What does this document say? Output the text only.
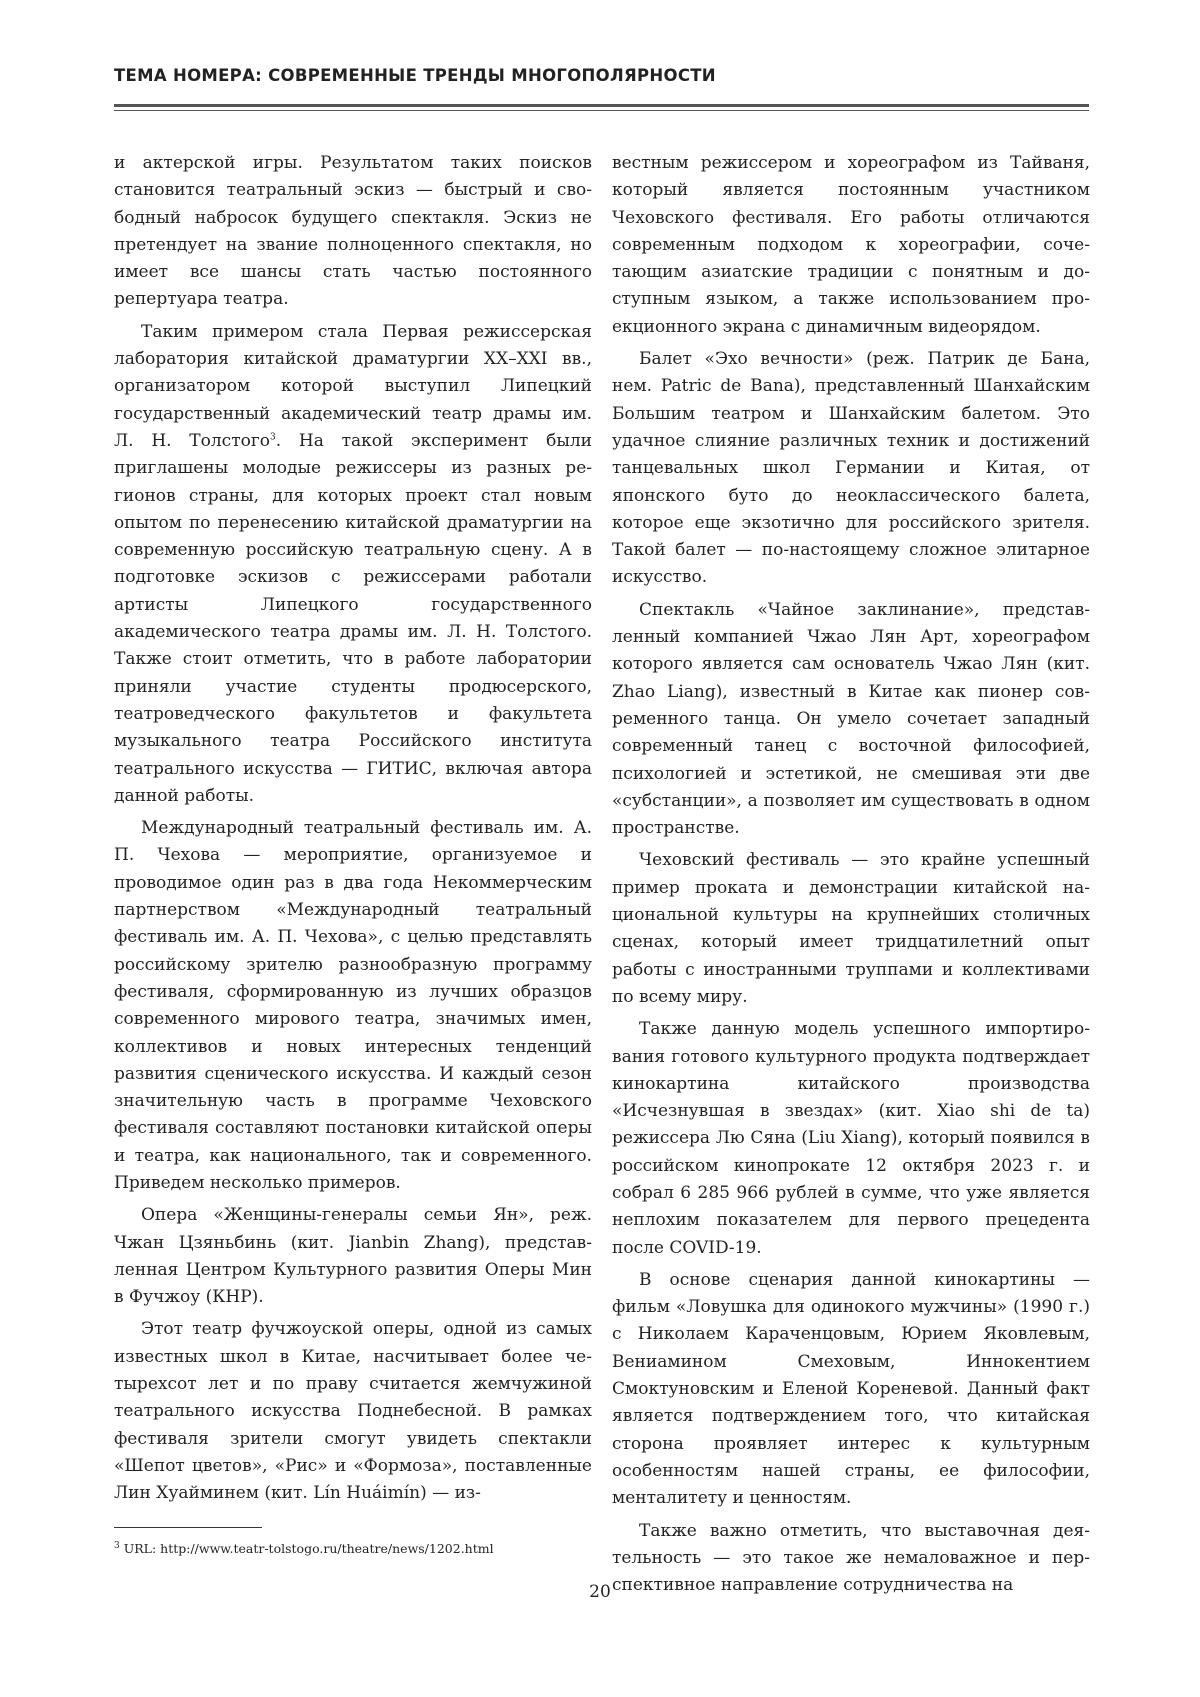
ТЕМА НОМЕРА: СОВРЕМЕННЫЕ ТРЕНДЫ МНОГОПОЛЯРНОСТИ

и актерской игры. Результатом таких поисков становится театральный эскиз — быстрый и свободный набросок будущего спектакля. Эскиз не претендует на звание полноценного спектакля, но имеет все шансы стать частью постоянного репертуара театра.

Таким примером стала Первая режиссерская лаборатория китайской драматургии XX–XXI вв., организатором которой выступил Липецкий государственный академический театр драмы им. Л. Н. Толстого$^3$. На такой эксперимент были приглашены молодые режиссеры из разных регионов страны, для которых проект стал новым опытом по перенесению китайской драматургии на современную российскую театральную сцену. А в подготовке эскизов с режиссерами работали артисты Липецкого государственного академического театра драмы им. Л. Н. Толстого. Также стоит отметить, что в работе лаборатории приняли участие студенты продюсерского, театроведческого факультетов и факультета музыкального театра Российского института театрального искусства — ГИТИС, включая автора данной работы.

Международный театральный фестиваль им. А. П. Чехова — мероприятие, организуемое и проводимое один раз в два года Некоммерческим партнерством «Международный театральный фестиваль им. А. П. Чехова», с целью представлять российскому зрителю разнообразную программу фестиваля, сформированную из лучших образцов современного мирового театра, значимых имен, коллективов и новых интересных тенденций развития сценического искусства. И каждый сезон значительную часть в программе Чеховского фестиваля составляют постановки китайской оперы и театра, как национального, так и современного. Приведем несколько примеров.

Опера «Женщины-генералы семьи Ян», реж. Чжан Цзяньбинь (кит. Jianbin Zhang), представленная Центром Культурного развития Оперы Мин в Фучжоу (КНР).

Этот театр фучжоуской оперы, одной из самых известных школ в Китае, насчитывает более четырехсот лет и по праву считается жемчужиной театрального искусства Поднебесной. В рамках фестиваля зрители смогут увидеть спектакли «Шепот цветов», «Рис» и «Формоза», поставленные Лин Хуайминем (кит. Lín Huáimín) — из-

вестным режиссером и хореографом из Тайваня, который является постоянным участником Чеховского фестиваля. Его работы отличаются современным подходом к хореографии, сочетающим азиатские традиции с понятным и доступным языком, а также использованием проекционного экрана с динамичным видеорядом.

Балет «Эхо вечности» (реж. Патрик де Бана, нем. Patric de Bana), представленный Шанхайским Большим театром и Шанхайским балетом. Это удачное слияние различных техник и достижений танцевальных школ Германии и Китая, от японского буто до неоклассического балета, которое еще экзотично для российского зрителя. Такой балет — по-настоящему сложное элитарное искусство.

Спектакль «Чайное заклинание», представленный компанией Чжао Лян Арт, хореографом которого является сам основатель Чжао Лян (кит. Zhao Liang), известный в Китае как пионер современного танца. Он умело сочетает западный современный танец с восточной философией, психологией и эстетикой, не смешивая эти две «субстанции», а позволяет им существовать в одном пространстве.

Чеховский фестиваль — это крайне успешный пример проката и демонстрации китайской национальной культуры на крупнейших столичных сценах, который имеет тридцатилетний опыт работы с иностранными труппами и коллективами по всему миру.

Также данную модель успешного импортирования готового культурного продукта подтверждает кинокартина китайского производства «Исчезнувшая в звездах» (кит. Xiao shi de ta) режиссера Лю Сяна (Liu Xiang), который появился в российском кинопрокате 12 октября 2023 г. и собрал 6 285 966 рублей в сумме, что уже является неплохим показателем для первого прецедента после COVID-19.

В основе сценария данной кинокартины — фильм «Ловушка для одинокого мужчины» (1990 г.) с Николаем Караченцовым, Юрием Яковлевым, Вениамином Смеховым, Иннокентием Смоктуновским и Еленой Кореневой. Данный факт является подтверждением того, что китайская сторона проявляет интерес к культурным особенностям нашей страны, ее философии, менталитету и ценностям.

Также важно отметить, что выставочная деятельность — это такое же немаловажное и перспективное направление сотрудничества на

$^3$ URL: http://www.teatr-tolstogo.ru/theatre/news/1202.html
20
